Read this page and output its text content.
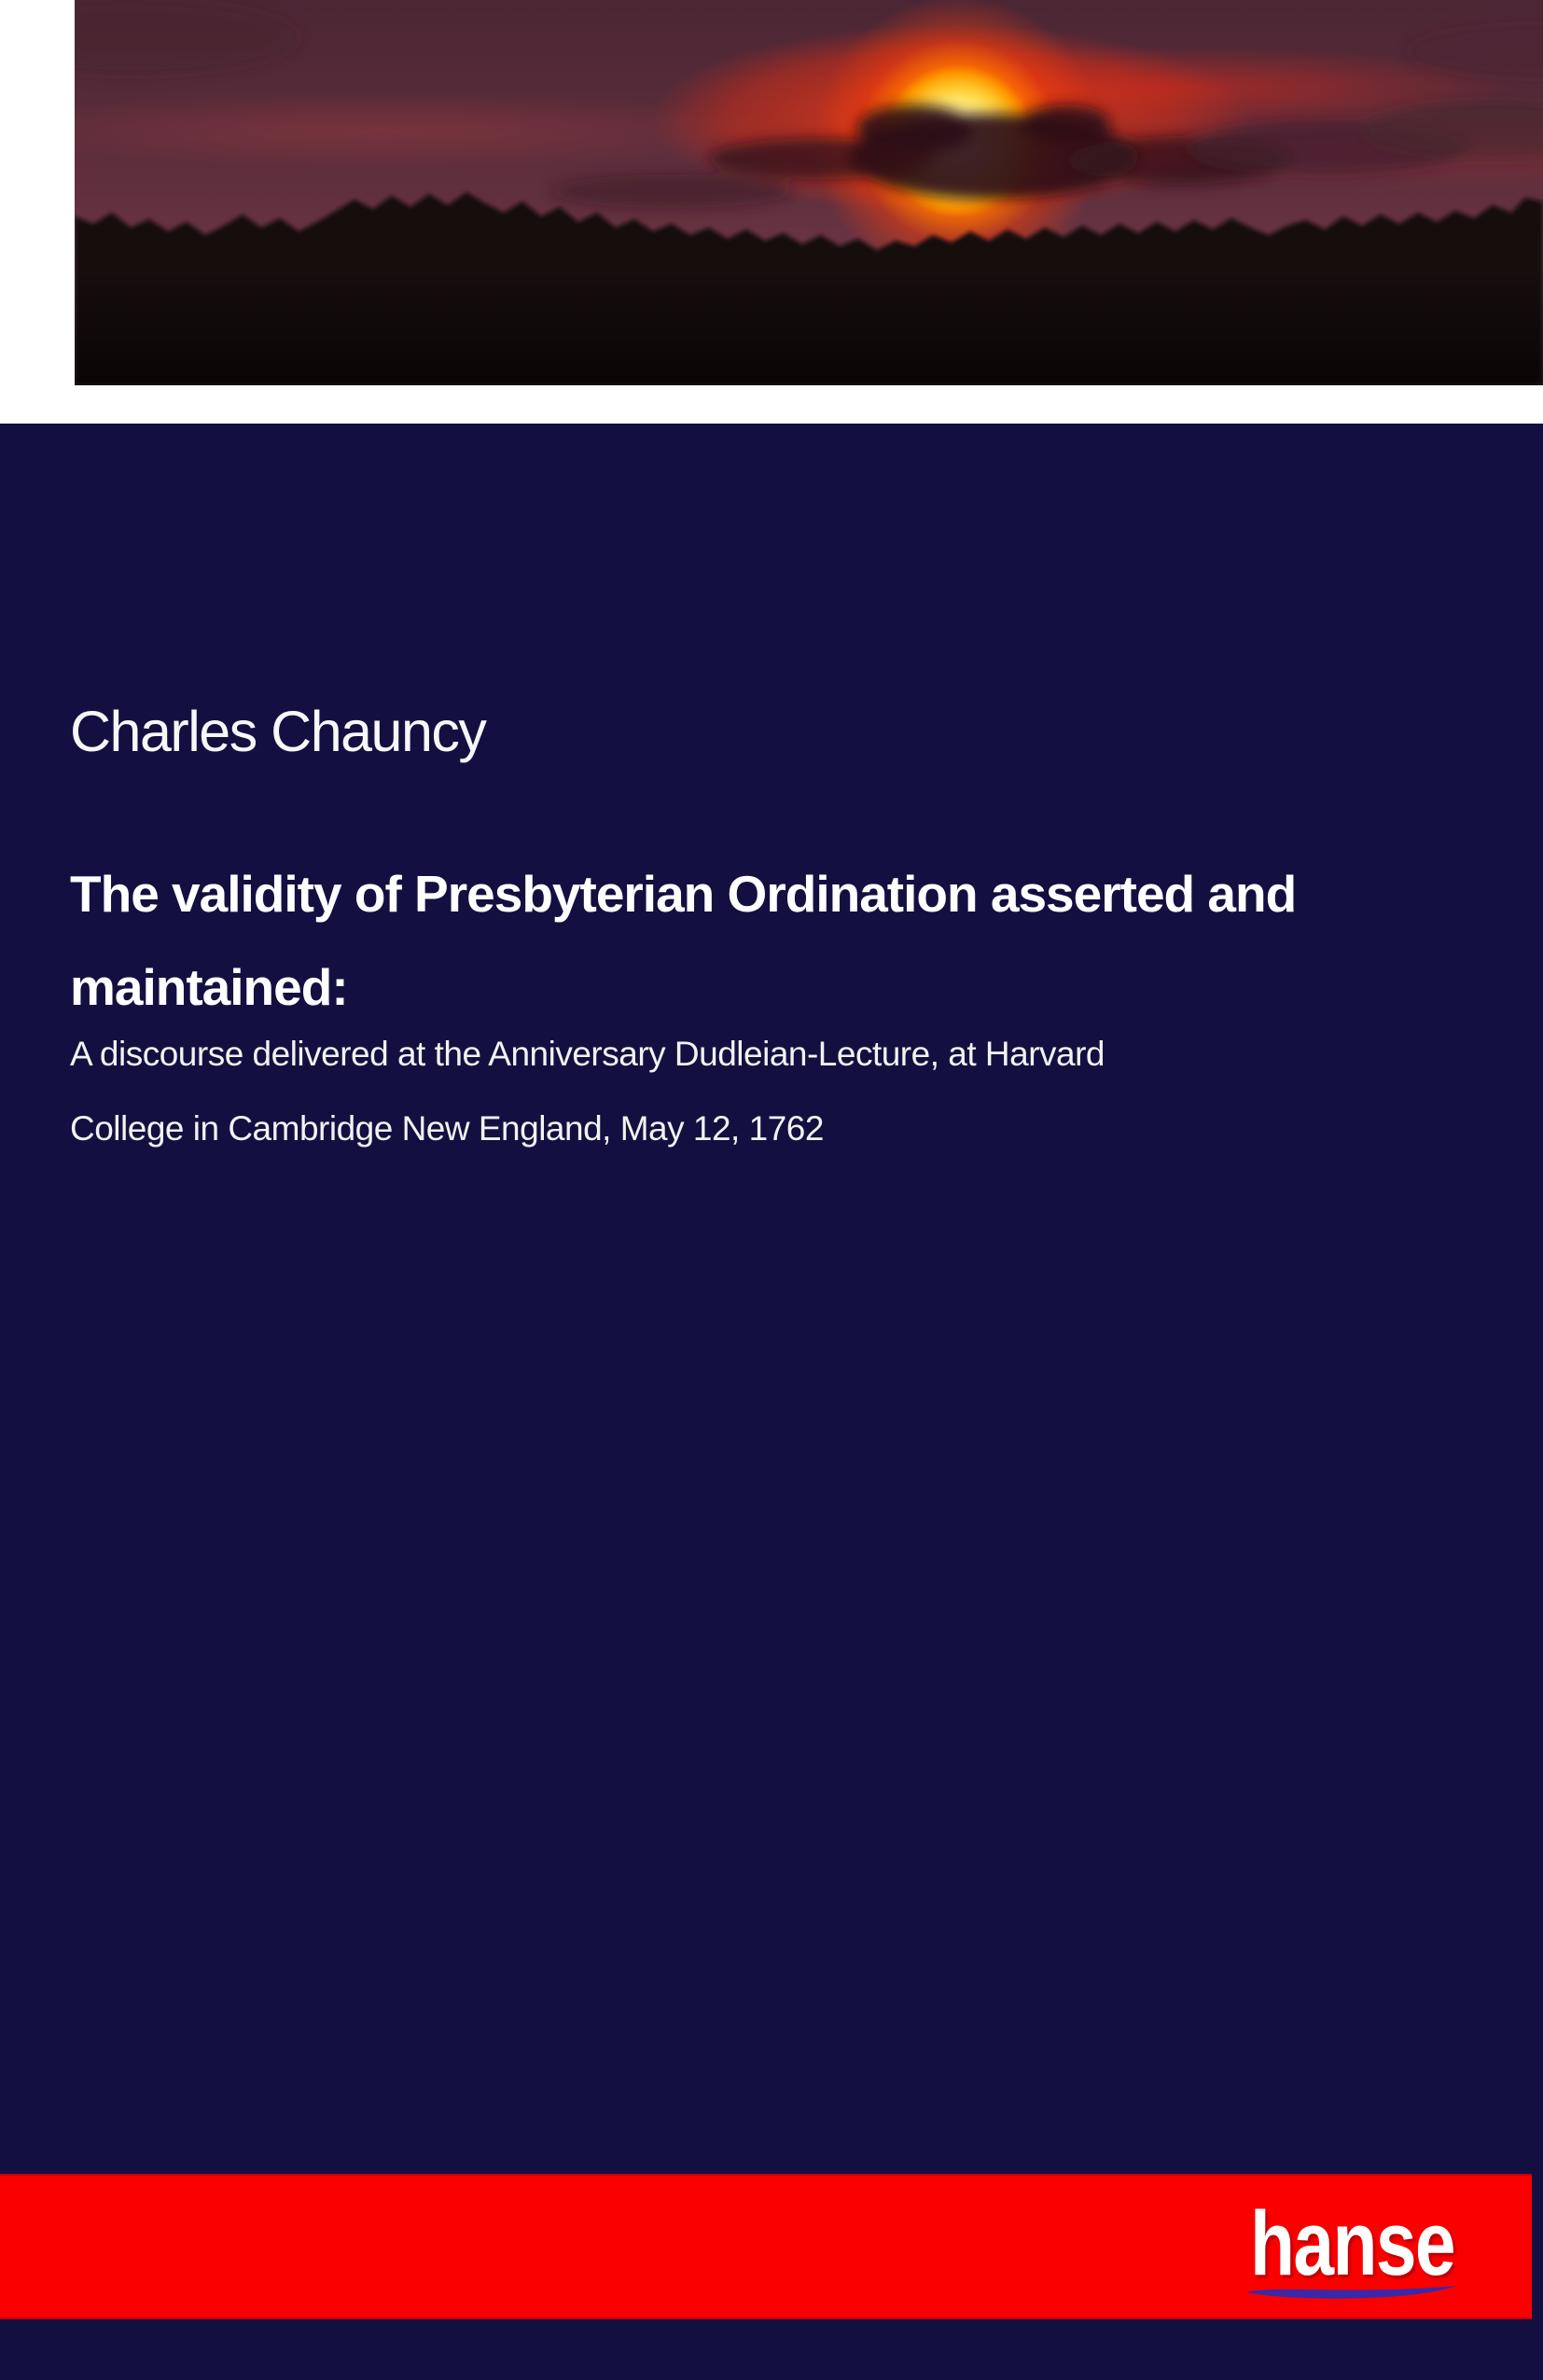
Charles Chauncy
The validity of Presbyterian Ordination asserted and
maintained:
A discourse delivered at the Anniversary Dudleian-Lecture, at Harvard
College in Cambridge New England, May 12, 1762
hanse
